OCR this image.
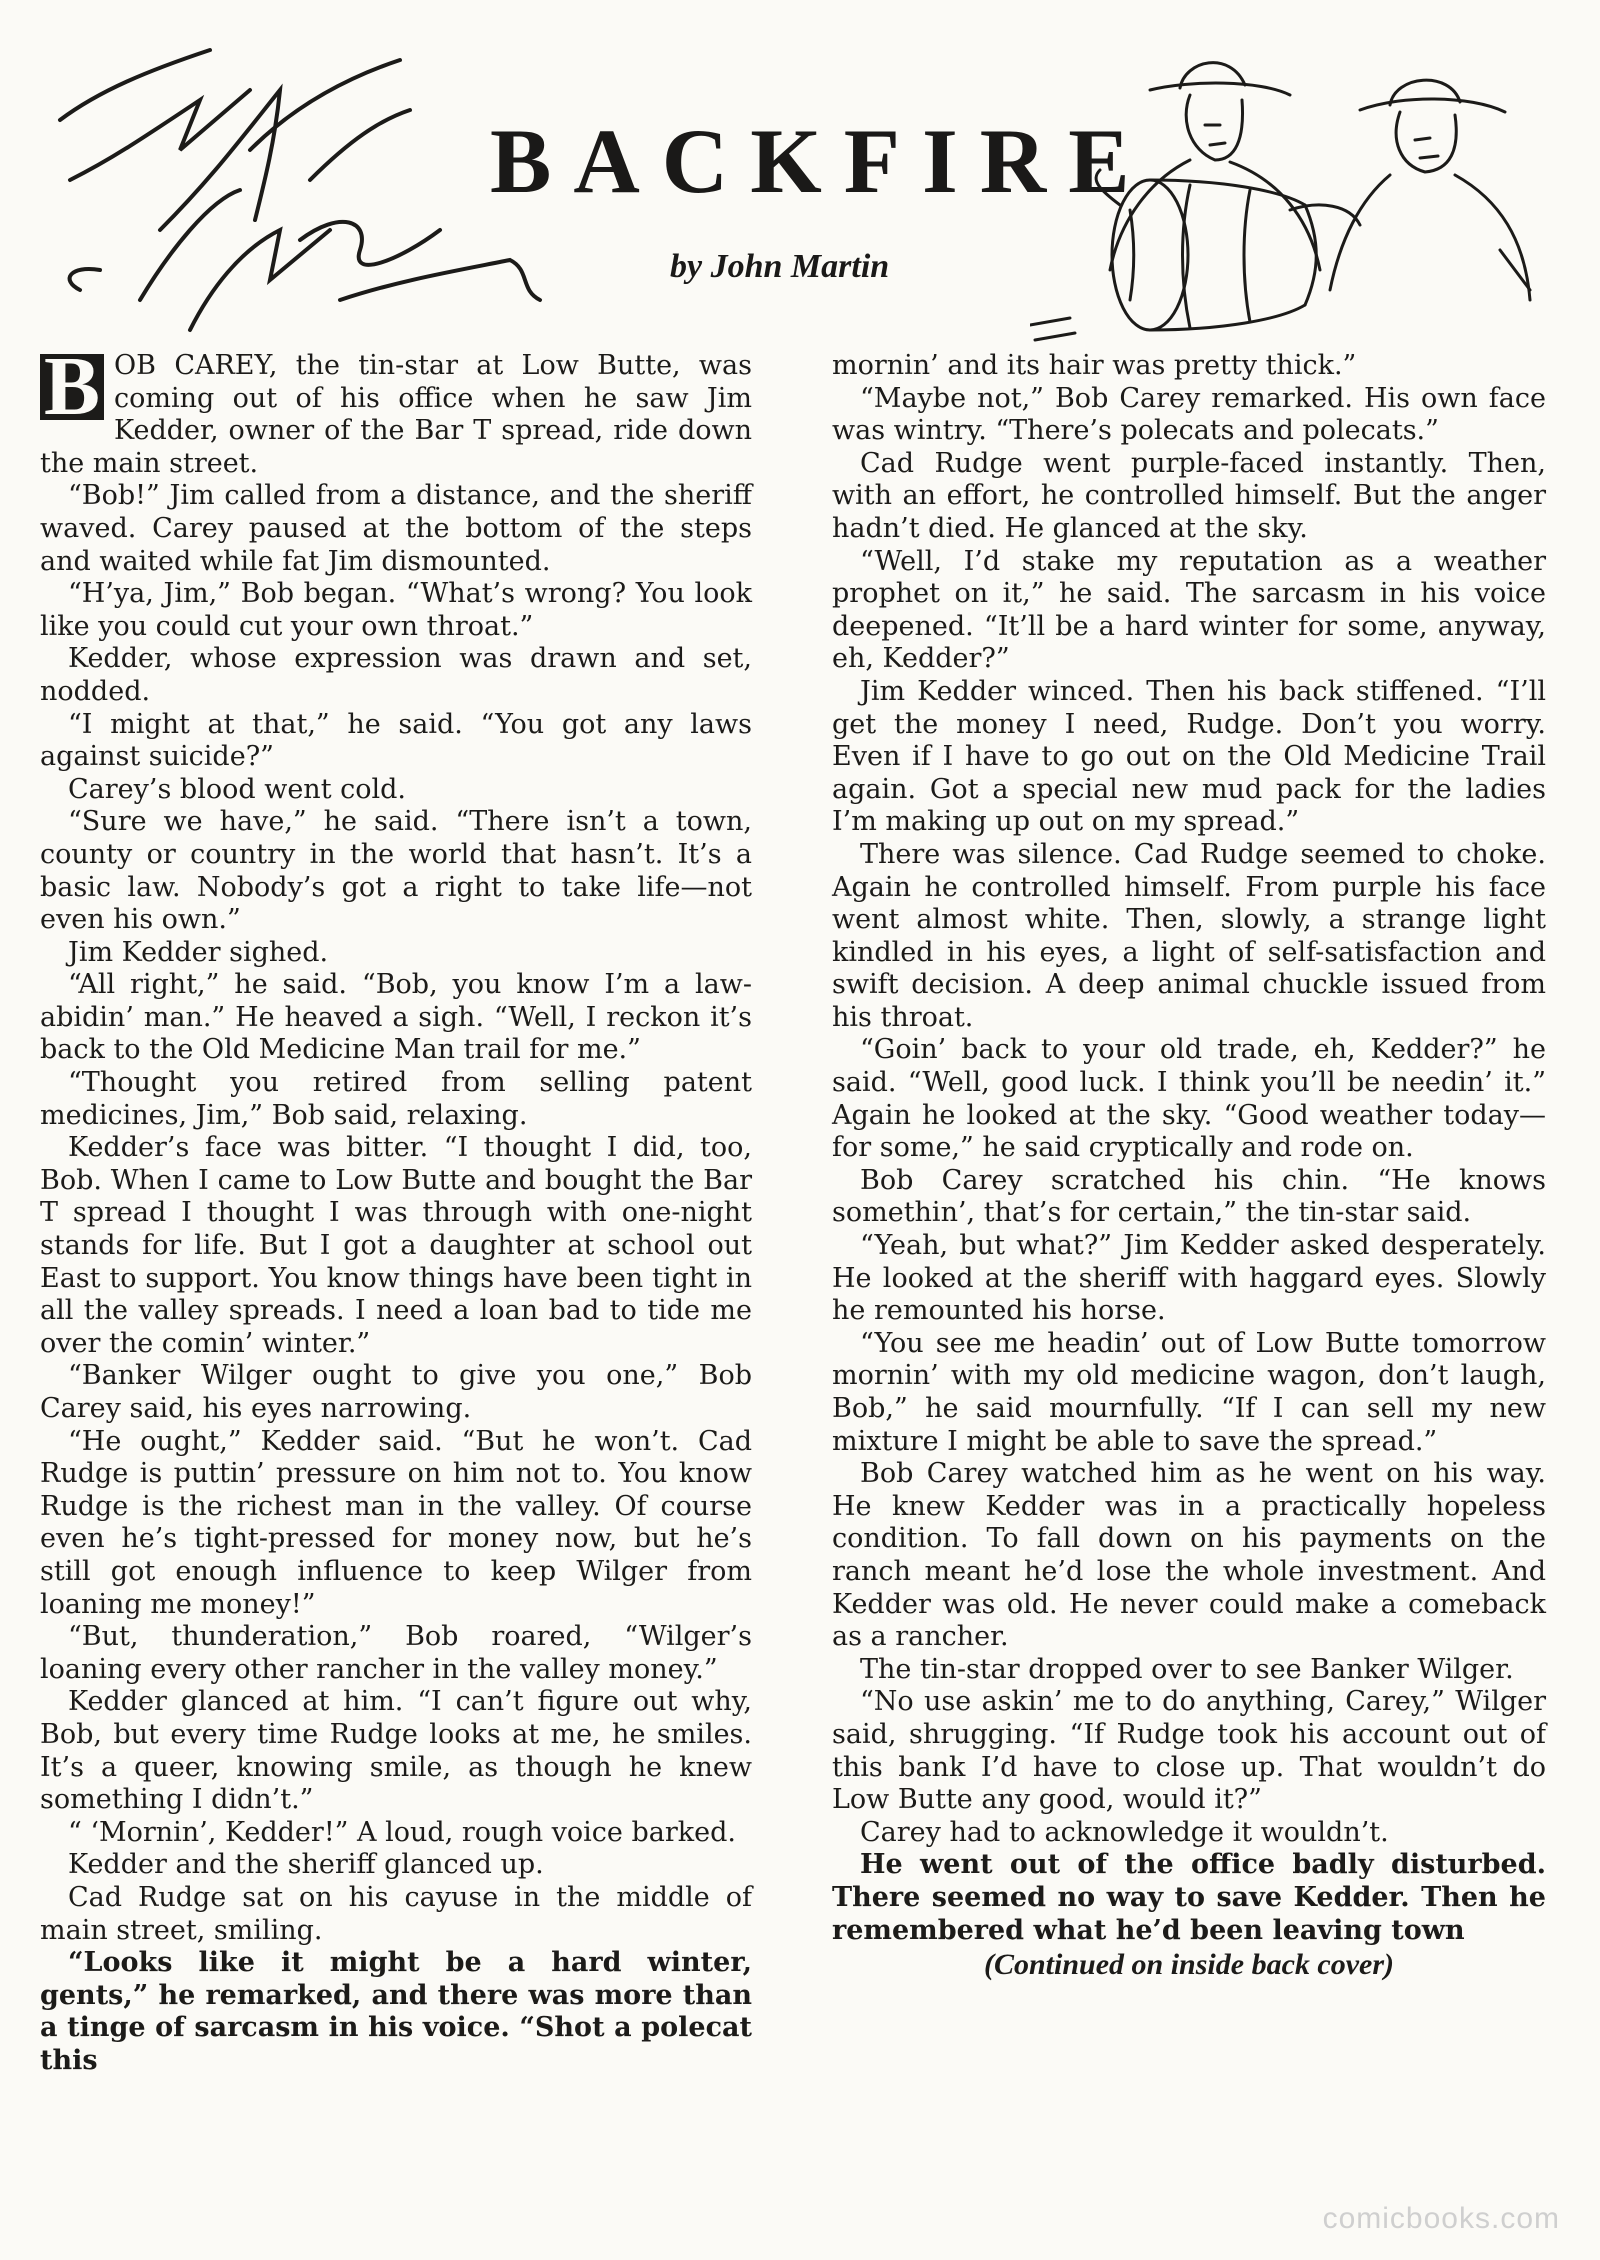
BACKFIRE
by John Martin

B OB CAREY, the tin-star at Low Butte, was coming out of his office when he saw Jim Kedder, owner of the Bar T spread, ride down the main street.

“Bob!” Jim called from a distance, and the sheriff waved. Carey paused at the bottom of the steps and waited while fat Jim dismounted.

“H’ya, Jim,” Bob began. “What’s wrong? You look like you could cut your own throat.”

Kedder, whose expression was drawn and set, nodded.

“I might at that,” he said. “You got any laws against suicide?”

Carey’s blood went cold.

“Sure we have,” he said. “There isn’t a town, county or country in the world that hasn’t. It’s a basic law. Nobody’s got a right to take life—not even his own.”

Jim Kedder sighed.

“All right,” he said. “Bob, you know I’m a law-abidin’ man.” He heaved a sigh. “Well, I reckon it’s back to the Old Medicine Man trail for me.”

“Thought you retired from selling patent medicines, Jim,” Bob said, relaxing.

Kedder’s face was bitter. “I thought I did, too, Bob. When I came to Low Butte and bought the Bar T spread I thought I was through with one-night stands for life. But I got a daughter at school out East to support. You know things have been tight in all the valley spreads. I need a loan bad to tide me over the comin’ winter.”

“Banker Wilger ought to give you one,” Bob Carey said, his eyes narrowing.

“He ought,” Kedder said. “But he won’t. Cad Rudge is puttin’ pressure on him not to. You know Rudge is the richest man in the valley. Of course even he’s tight-pressed for money now, but he’s still got enough influence to keep Wilger from loaning me money!”

“But, thunderation,” Bob roared, “Wilger’s loaning every other rancher in the valley money.”

Kedder glanced at him. “I can’t figure out why, Bob, but every time Rudge looks at me, he smiles. It’s a queer, knowing smile, as though he knew something I didn’t.”

“ ‘Mornin’, Kedder!” A loud, rough voice barked.

Kedder and the sheriff glanced up.

Cad Rudge sat on his cayuse in the middle of main street, smiling.

“Looks like it might be a hard winter, gents,” he remarked, and there was more than a tinge of sarcasm in his voice. “Shot a polecat this

mornin’ and its hair was pretty thick.”

“Maybe not,” Bob Carey remarked. His own face was wintry. “There’s polecats and polecats.”

Cad Rudge went purple-faced instantly. Then, with an effort, he controlled himself. But the anger hadn’t died. He glanced at the sky.

“Well, I’d stake my reputation as a weather prophet on it,” he said. The sarcasm in his voice deepened. “It’ll be a hard winter for some, anyway, eh, Kedder?”

Jim Kedder winced. Then his back stiffened. “I’ll get the money I need, Rudge. Don’t you worry. Even if I have to go out on the Old Medicine Trail again. Got a special new mud pack for the ladies I’m making up out on my spread.”

There was silence. Cad Rudge seemed to choke. Again he controlled himself. From purple his face went almost white. Then, slowly, a strange light kindled in his eyes, a light of self-satisfaction and swift decision. A deep animal chuckle issued from his throat.

“Goin’ back to your old trade, eh, Kedder?” he said. “Well, good luck. I think you’ll be needin’ it.” Again he looked at the sky. “Good weather today—for some,” he said cryptically and rode on.

Bob Carey scratched his chin. “He knows somethin’, that’s for certain,” the tin-star said.

“Yeah, but what?” Jim Kedder asked desperately. He looked at the sheriff with haggard eyes. Slowly he remounted his horse.

“You see me headin’ out of Low Butte tomorrow mornin’ with my old medicine wagon, don’t laugh, Bob,” he said mournfully. “If I can sell my new mixture I might be able to save the spread.”

Bob Carey watched him as he went on his way. He knew Kedder was in a practically hopeless condition. To fall down on his payments on the ranch meant he’d lose the whole investment. And Kedder was old. He never could make a comeback as a rancher.

The tin-star dropped over to see Banker Wilger.

“No use askin’ me to do anything, Carey,” Wilger said, shrugging. “If Rudge took his account out of this bank I’d have to close up. That wouldn’t do Low Butte any good, would it?”

Carey had to acknowledge it wouldn’t.

He went out of the office badly disturbed. There seemed no way to save Kedder. Then he remembered what he’d been leaving town

(Continued on inside back cover)
comicbooks.com
